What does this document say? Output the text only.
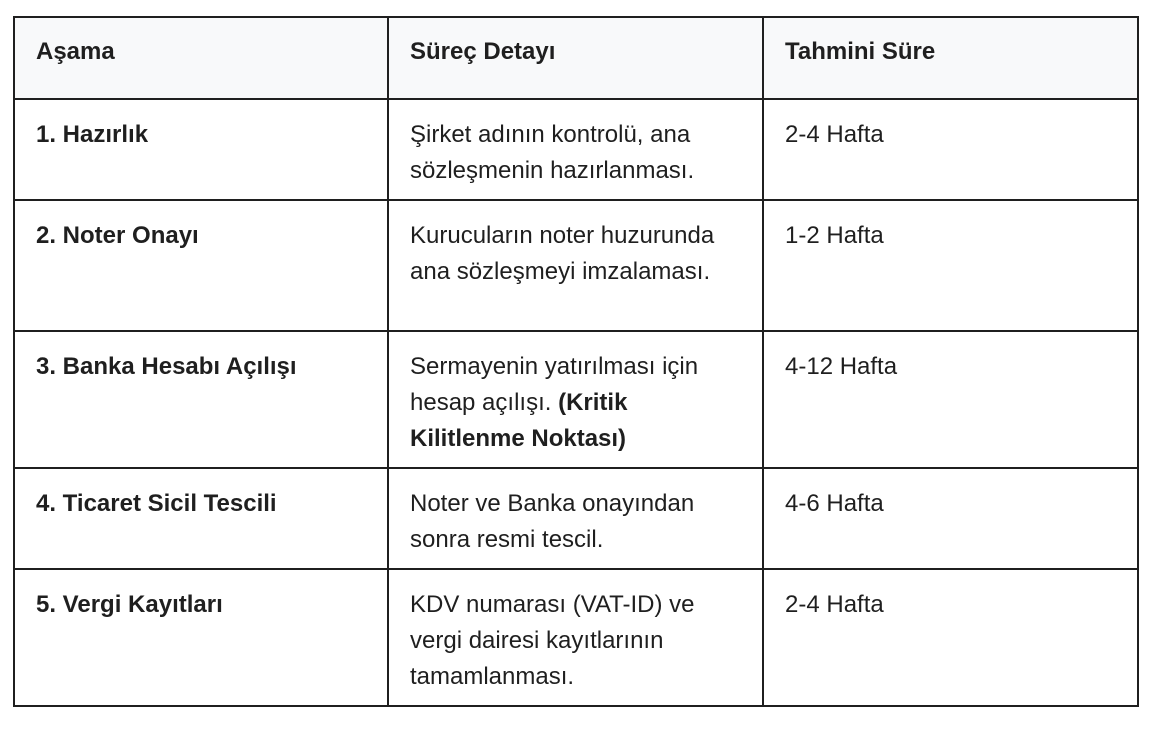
Aşama	Süreç Detayı	Tahmini Süre
1. Hazırlık	Şirket adının kontrolü, ana sözleşmenin hazırlanması.	2-4 Hafta
2. Noter Onayı	Kurucuların noter huzurunda ana sözleşmeyi imzalaması.	1-2 Hafta
3. Banka Hesabı Açılışı	Sermayenin yatırılması için hesap açılışı. (Kritik Kilitlenme Noktası)	4-12 Hafta
4. Ticaret Sicil Tescili	Noter ve Banka onayından sonra resmi tescil.	4-6 Hafta
5. Vergi Kayıtları	KDV numarası (VAT-ID) ve vergi dairesi kayıtlarının tamamlanması.	2-4 Hafta
